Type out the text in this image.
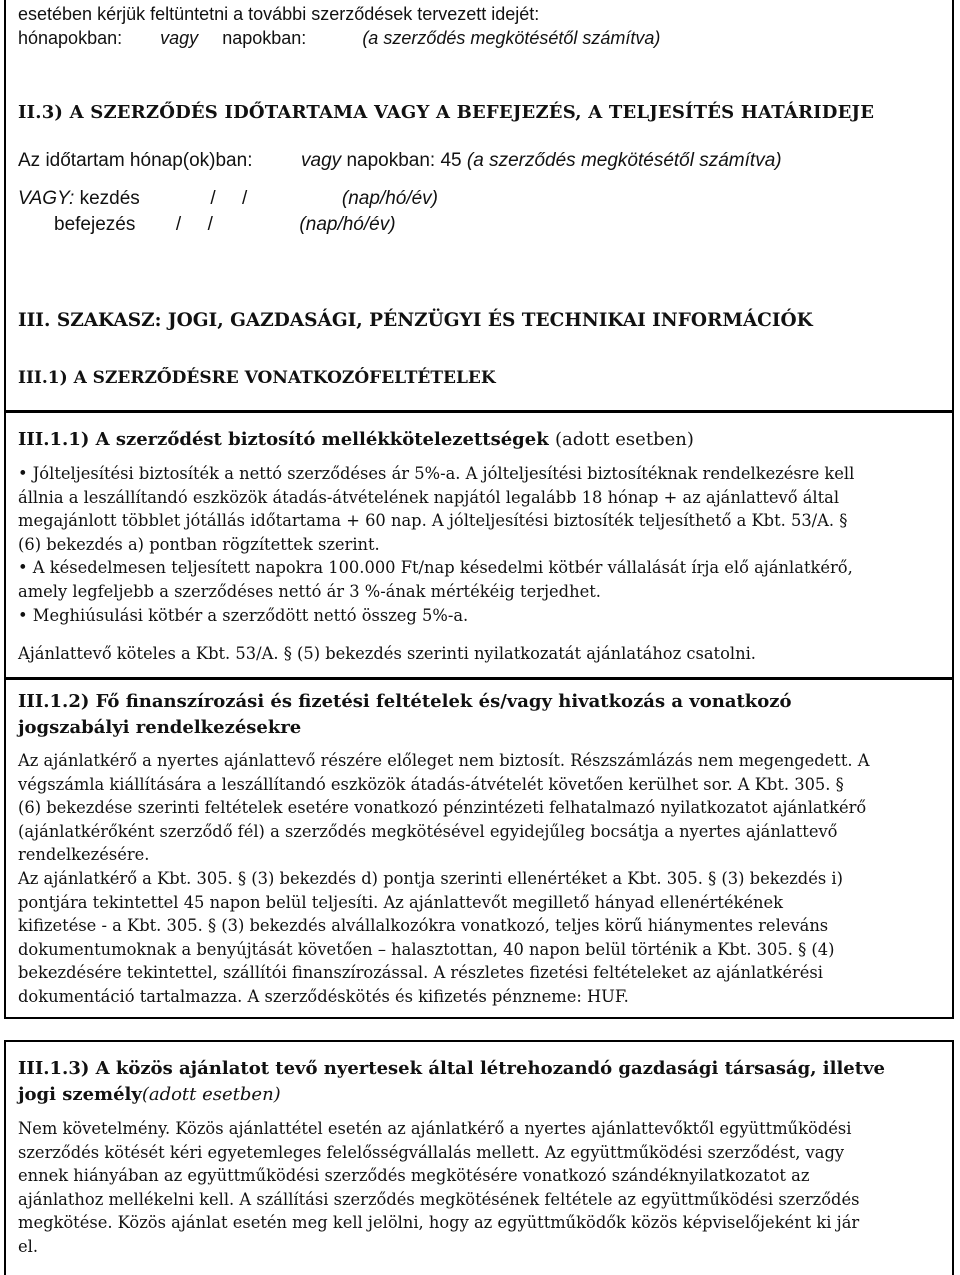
esetében kérjük feltüntetni a további szerződések tervezett idejét:
hónapokban: vagy napokban:	(a szerződés megkötésétől számítva)
II.3) A SZERZŐDÉS IDŐTARTAMA VAGY A BEFEJEZÉS, A TELJESÍTÉS HATÁRIDEJE
Az időtartam hónap(ok)ban:	vagy napokban: 45 (a szerződés megkötésétől számítva)
VAGY: kezdés	/     /	(nap/hó/év)
befejezés /     /	(nap/hó/év)
III. SZAKASZ: JOGI, GAZDASÁGI, PÉNZÜGYI ÉS TECHNIKAI INFORMÁCIÓK
III.1) A SZERZŐDÉSRE VONATKOZÓFELTÉTELEK
III.1.1) A szerződést biztosító mellékkötelezettségek (adott esetben)

• Jólteljesítési biztosíték a nettó szerződéses ár 5%-a. A jólteljesítési biztosítéknak rendelkezésre kell

állnia a leszállítandó eszközök átadás-átvételének napjától legalább 18 hónap + az ajánlattevő által

megajánlott többlet jótállás időtartama + 60 nap. A jólteljesítési biztosíték teljesíthető a Kbt. 53/A. §

(6) bekezdés a) pontban rögzítettek szerint.

• A késedelmesen teljesített napokra 100.000 Ft/nap késedelmi kötbér vállalását írja elő ajánlatkérő,

amely legfeljebb a szerződéses nettó ár 3 %-ának mértékéig terjedhet.

• Meghiúsulási kötbér a szerződött nettó összeg 5%-a.

Ajánlattevő köteles a Kbt. 53/A. § (5) bekezdés szerinti nyilatkozatát ajánlatához csatolni.

III.1.2) Fő finanszírozási és fizetési feltételek és/vagy hivatkozás a vonatkozó

jogszabályi rendelkezésekre

Az ajánlatkérő a nyertes ajánlattevő részére előleget nem biztosít. Részszámlázás nem megengedett. A

végszámla kiállítására a leszállítandó eszközök átadás-átvételét követően kerülhet sor. A Kbt. 305. §

(6) bekezdése szerinti feltételek esetére vonatkozó pénzintézeti felhatalmazó nyilatkozatot ajánlatkérő

(ajánlatkérőként szerződő fél) a szerződés megkötésével egyidejűleg bocsátja a nyertes ajánlattevő

rendelkezésére.

Az ajánlatkérő a Kbt. 305. § (3) bekezdés d) pontja szerinti ellenértéket a Kbt. 305. § (3) bekezdés i)

pontjára tekintettel 45 napon belül teljesíti. Az ajánlattevőt megillető hányad ellenértékének

kifizetése - a Kbt. 305. § (3) bekezdés alvállalkozókra vonatkozó, teljes körű hiánymentes releváns

dokumentumoknak a benyújtását követően – halasztottan, 40 napon belül történik a Kbt. 305. § (4)

bekezdésére tekintettel, szállítói finanszírozással. A részletes fizetési feltételeket az ajánlatkérési

dokumentáció tartalmazza. A szerződéskötés és kifizetés pénzneme: HUF.

III.1.3) A közös ajánlatot tevő nyertesek által létrehozandó gazdasági társaság, illetve

jogi személy(adott esetben)

Nem követelmény. Közös ajánlattétel esetén az ajánlatkérő a nyertes ajánlattevőktől együttműködési

szerződés kötését kéri egyetemleges felelősségvállalás mellett. Az együttműködési szerződést, vagy

ennek hiányában az együttműködési szerződés megkötésére vonatkozó szándéknyilatkozatot az

ajánlathoz mellékelni kell. A szállítási szerződés megkötésének feltétele az együttműködési szerződés

megkötése. Közös ajánlat esetén meg kell jelölni, hogy az együttműködők közös képviselőjeként ki jár

el.
